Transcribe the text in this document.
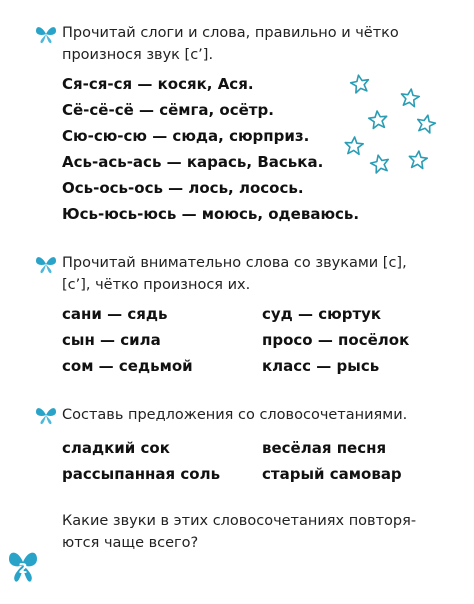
Прочитай слоги и слова, правильно и чётко
произнося звук [с’].
Ся-ся-ся — косяк, Ася.
Сё-сё-сё — сёмга, осётр.
Сю-сю-сю — сюда, сюрприз.
Ась-ась-ась — карась, Васька.
Ось-ось-ось — лось, лосось.
Юсь-юсь-юсь — моюсь, одеваюсь.
Прочитай внимательно слова со звуками [с],
[с’], чётко произнося их.
сани — сядь
сын — сила
сом — седьмой
суд — сюртук
просо — посёлок
класс — рысь
Составь предложения со словосочетаниями.
сладкий сок
рассыпанная соль
весёлая песня
старый самовар
Какие звуки в этих словосочетаниях повторя-
ются чаще всего?
2
